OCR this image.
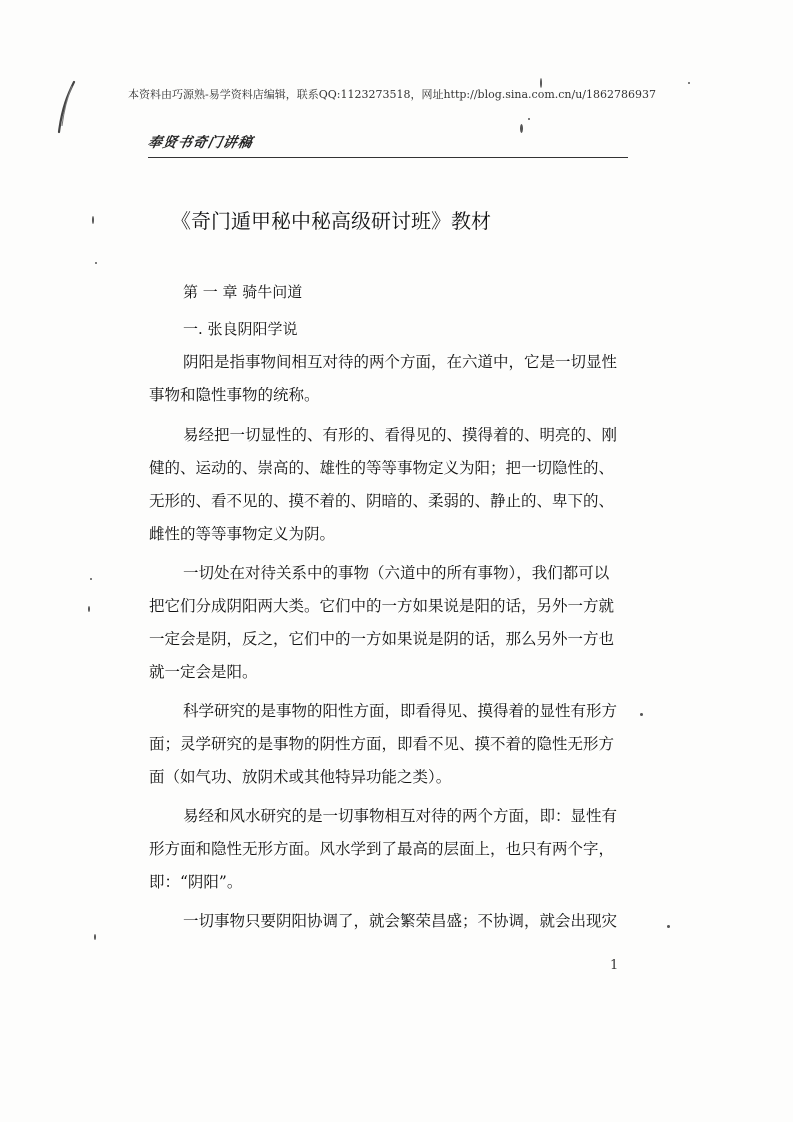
本资料由巧源熟-易学资料店编辑，联系QQ:1123273518，网址http://blog.sina.com.cn/u/1862786937
奉贤书奇门讲稿
《奇门遁甲秘中秘高级研讨班》教材
第 一 章 骑牛问道
一. 张良阴阳学说
阴阳是指事物间相互对待的两个方面，在六道中，它是一切显性
事物和隐性事物的统称。
易经把一切显性的、有形的、看得见的、摸得着的、明亮的、刚
健的、运动的、崇高的、雄性的等等事物定义为阳；把一切隐性的、
无形的、看不见的、摸不着的、阴暗的、柔弱的、静止的、卑下的、
雌性的等等事物定义为阴。
一切处在对待关系中的事物（六道中的所有事物），我们都可以
把它们分成阴阳两大类。它们中的一方如果说是阳的话，另外一方就
一定会是阴，反之，它们中的一方如果说是阴的话，那么另外一方也
就一定会是阳。
科学研究的是事物的阳性方面，即看得见、摸得着的显性有形方
面；灵学研究的是事物的阴性方面，即看不见、摸不着的隐性无形方
面（如气功、放阴术或其他特异功能之类）。
易经和风水研究的是一切事物相互对待的两个方面，即：显性有
形方面和隐性无形方面。风水学到了最高的层面上，也只有两个字，
即：“阴阳”。
一切事物只要阴阳协调了，就会繁荣昌盛；不协调，就会出现灾
1
